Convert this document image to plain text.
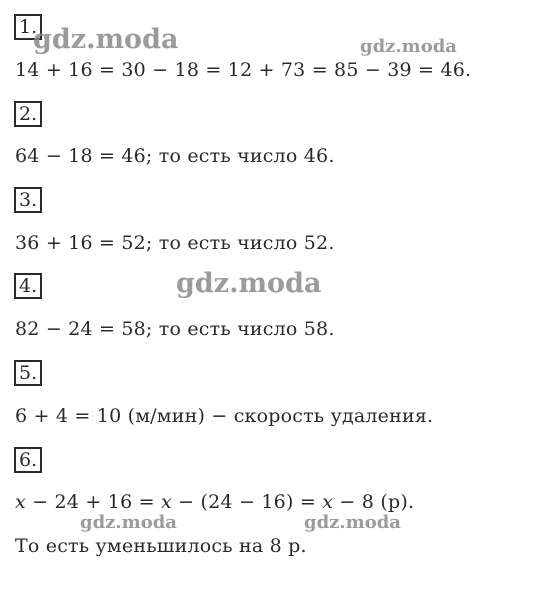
1.
14 + 16 = 30 − 18 = 12 + 73 = 85 − 39 = 46.
2.
64 − 18 = 46; то есть число 46.
3.
36 + 16 = 52; то есть число 52.
4.
82 − 24 = 58; то есть число 58.
5.
6 + 4 = 10 (м/мин) − скорость удаления.
6.
x − 24 + 16 = x − (24 − 16) = x − 8 (р).
То есть уменьшилось на 8 р.
gdz.moda	gdz.moda
gdz.moda
gdz.moda	gdz.moda
